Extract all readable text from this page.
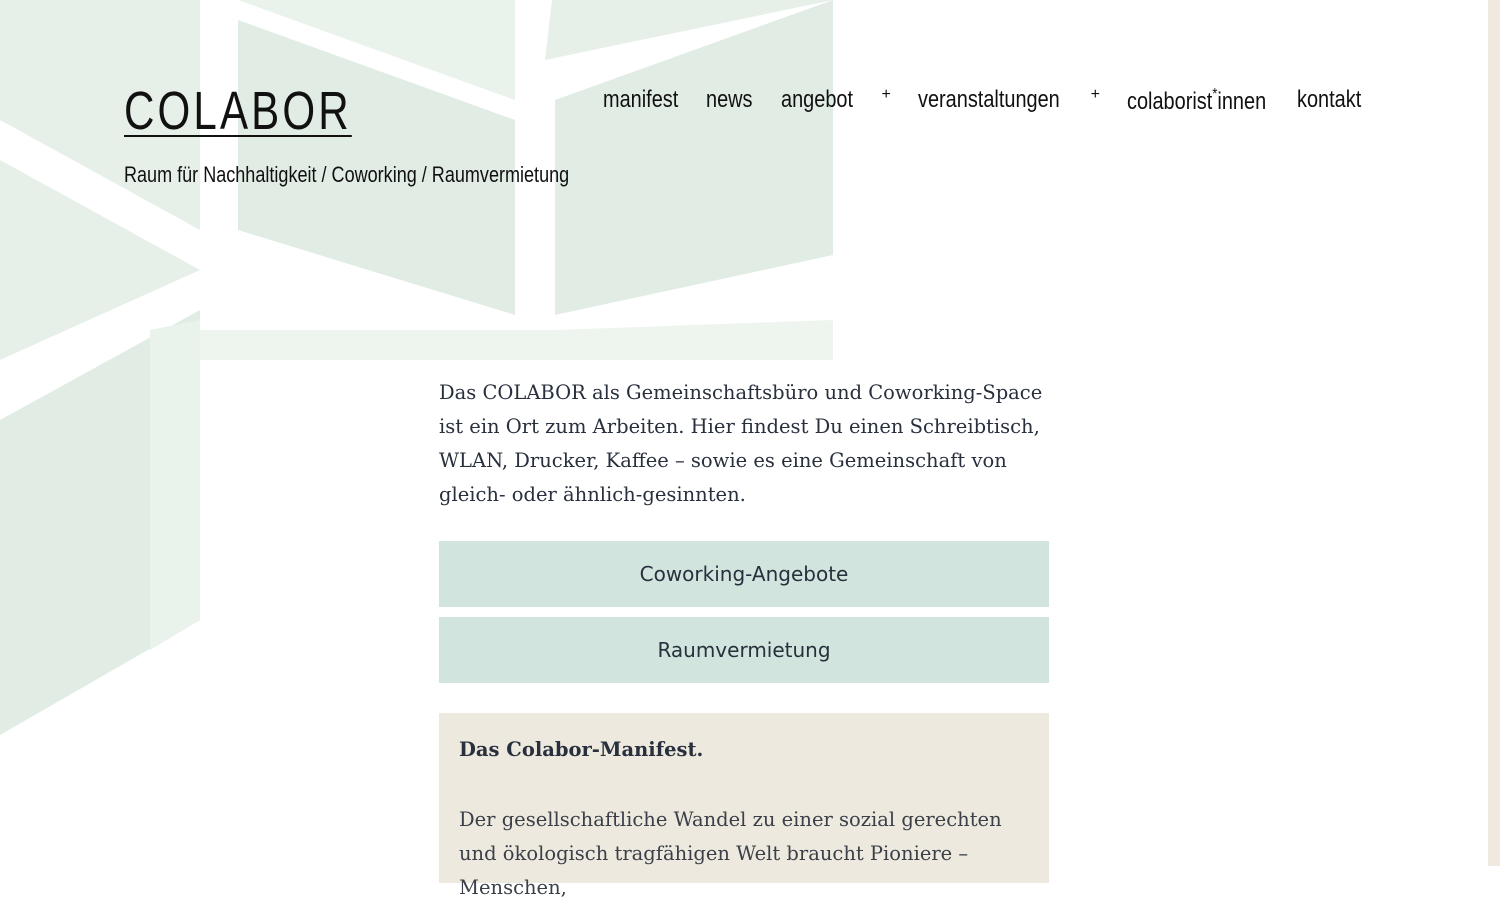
COLABOR
Raum für Nachhaltigkeit / Coworking / Raumvermietung
manifest news angebot + veranstaltungen + colaborist*innen kontakt

Das COLABOR als Gemeinschaftsbüro und Coworking-Space ist ein Ort zum Arbeiten. Hier findest Du einen Schreibtisch, WLAN, Drucker, Kaffee – sowie es eine Gemeinschaft von gleich- oder ähnlich-gesinnten.

Coworking-Angebote
Raumvermietung
Das Colabor-Manifest.
Der gesellschaftliche Wandel zu einer sozial gerechten und ökologisch tragfähigen Welt braucht Pioniere – Menschen,
